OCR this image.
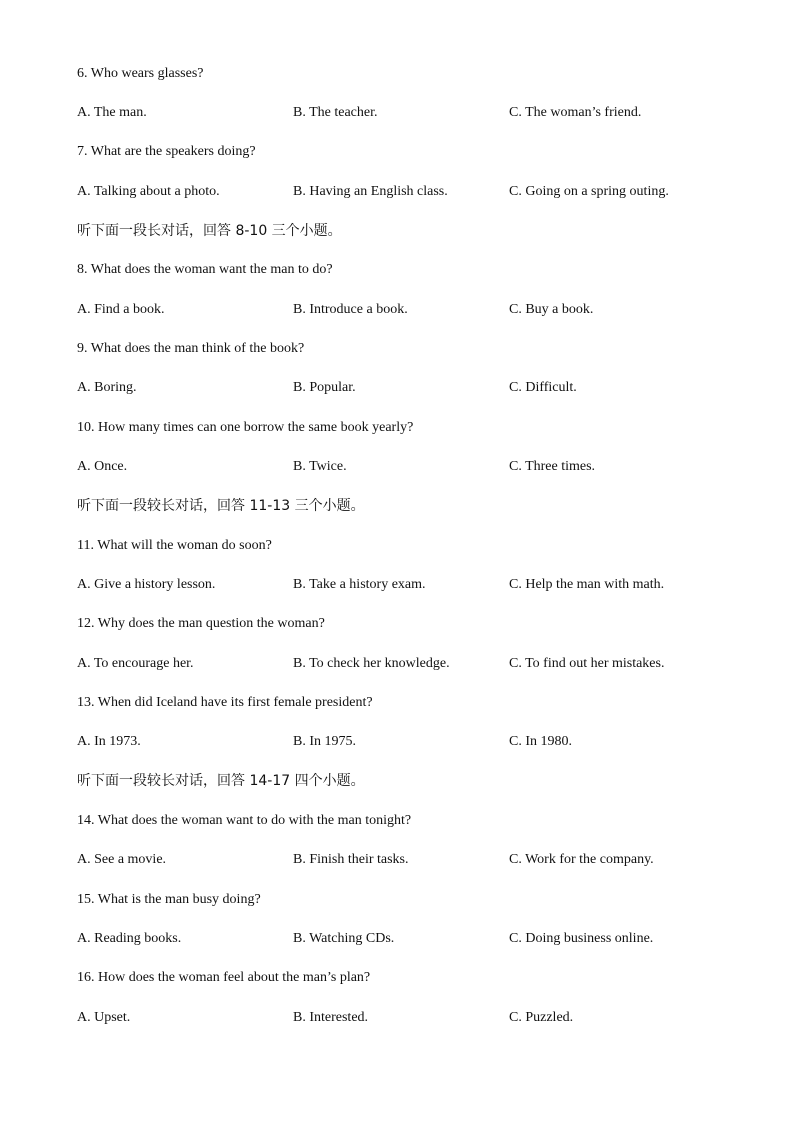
6. Who wears glasses?
A. The man.	B. The teacher.	C. The woman’s friend.
7. What are the speakers doing?
A. Talking about a photo.	B. Having an English class.	C. Going on a spring outing.
听下面一段长对话，回答 8-10 三个小题。
8. What does the woman want the man to do?
A. Find a book.	B. Introduce a book.	C. Buy a book.
9. What does the man think of the book?
A. Boring.	B. Popular.	C. Difficult.
10. How many times can one borrow the same book yearly?
A. Once.	B. Twice.	C. Three times.
听下面一段较长对话，回答 11-13 三个小题。
11. What will the woman do soon?
A. Give a history lesson.	B. Take a history exam.	C. Help the man with math.
12. Why does the man question the woman?
A. To encourage her.	B. To check her knowledge.	C. To find out her mistakes.
13. When did Iceland have its first female president?
A. In 1973.	B. In 1975.	C. In 1980.
听下面一段较长对话，回答 14-17 四个小题。
14. What does the woman want to do with the man tonight?
A. See a movie.	B. Finish their tasks.	C. Work for the company.
15. What is the man busy doing?
A. Reading books.	B. Watching CDs.	C. Doing business online.
16. How does the woman feel about the man’s plan?
A. Upset.	B. Interested.	C. Puzzled.
